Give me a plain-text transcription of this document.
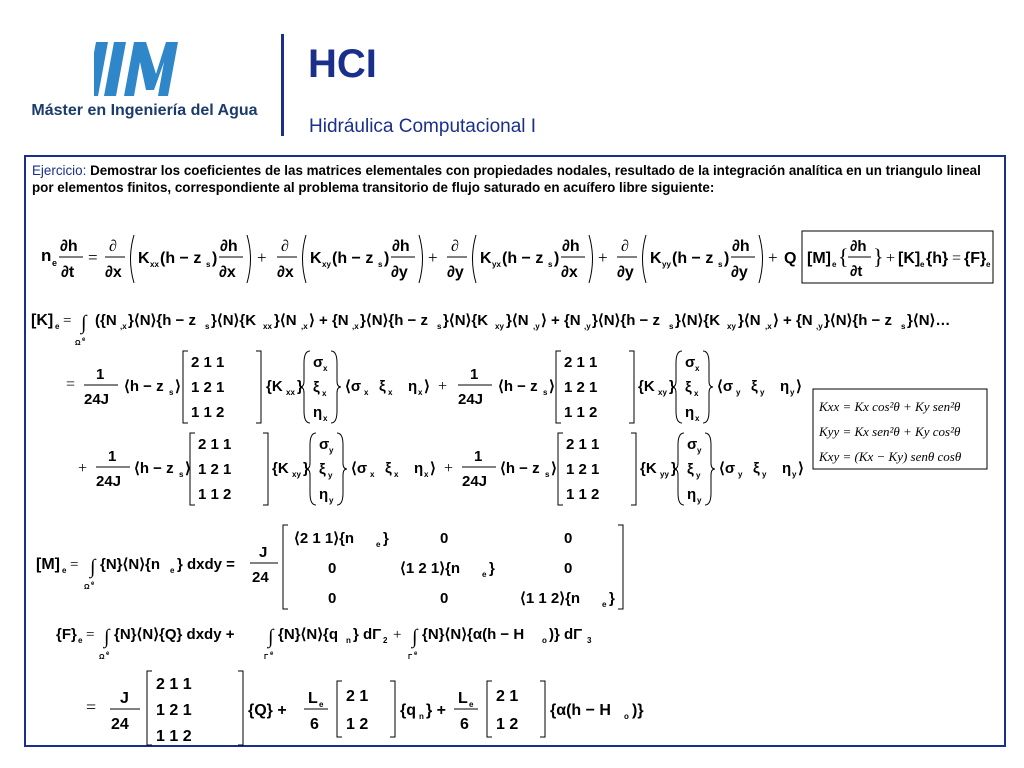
Máster en Ingeniería del Agua
HCI
Hidráulica Computacional I
Ejercicio: Demostrar los coeficientes de las matrices elementales con propiedades nodales, resultado de la integración analítica en un triangulo lineal por elementos finitos, correspondiente al problema transitorio de flujo saturado en acuífero libre siguiente:
n e
∂h
∂t
=
∂
∂x
K xx (h − z s )
∂h
∂x
+
∂
∂x
K xy (h − z s )
∂h
∂y
+
∂
∂y
K yx (h − z s )
∂h
∂x
+
∂
∂y
K yy (h − z s )
∂h
∂y
+ Q [M] e { ∂h
∂t
} + [K] e {h} = {F} e
[K] e = ∫
Ω e
({N ,x }⟨N⟩{h − z s }⟨N⟩{K xx }⟨N ,x ⟩ + {N ,x }⟨N⟩{h − z s }⟨N⟩{K xy }⟨N ,y ⟩ + {N ,y }⟨N⟩{h − z s }⟨N⟩{K xy }⟨N ,x ⟩ + {N ,y }⟨N⟩{h − z s }⟨N⟩…
=
1
24J
⟨h − z s ⟩
2 1 1
1 2 1
1 1 2
{K xx }
σ x
ξ x
η x
⟨σ x ξ x η x ⟩ +
1
24J
⟨h − z s ⟩
2 1 1
1 2 1
1 1 2
{K xy }
σ x
ξ x
η x
⟨σ y ξ y η y ⟩
Kxx = Kx cos²θ + Ky sen²θ
Kyy = Kx sen²θ + Ky cos²θ
Kxy = (Kx − Ky) senθ cosθ
+
1
24J
⟨h − z s ⟩
2 1 1
1 2 1
1 1 2
{K xy }
σ y
ξ y
η y
⟨σ x ξ x η x ⟩ +
1
24J
⟨h − z s ⟩
2 1 1
1 2 1
1 1 2
{K yy }
σ y
ξ y
η y
⟨σ y ξ y η y ⟩
[M] e = ∫
Ω e
{N}⟨N⟩{n e } dxdy =
J
24
⟨2 1 1⟩{n	e }	0	0
0	⟨1 2 1⟩{n	e }	0
0	0	⟨1 1 2⟩{n	e }
{F} e = ∫
Ω e
{N}⟨N⟩{Q} dxdy + ∫
Γ e
{N}⟨N⟩{q n } dΓ 2 + ∫
Γ e
{N}⟨N⟩{α(h − H o )} dΓ 3
= J
24
2 1 1
1 2 1
1 1 2
{Q} +
L e
6
2 1
1 2
{q n } +
L e
6
2 1
1 2
{α(h − H o )}
